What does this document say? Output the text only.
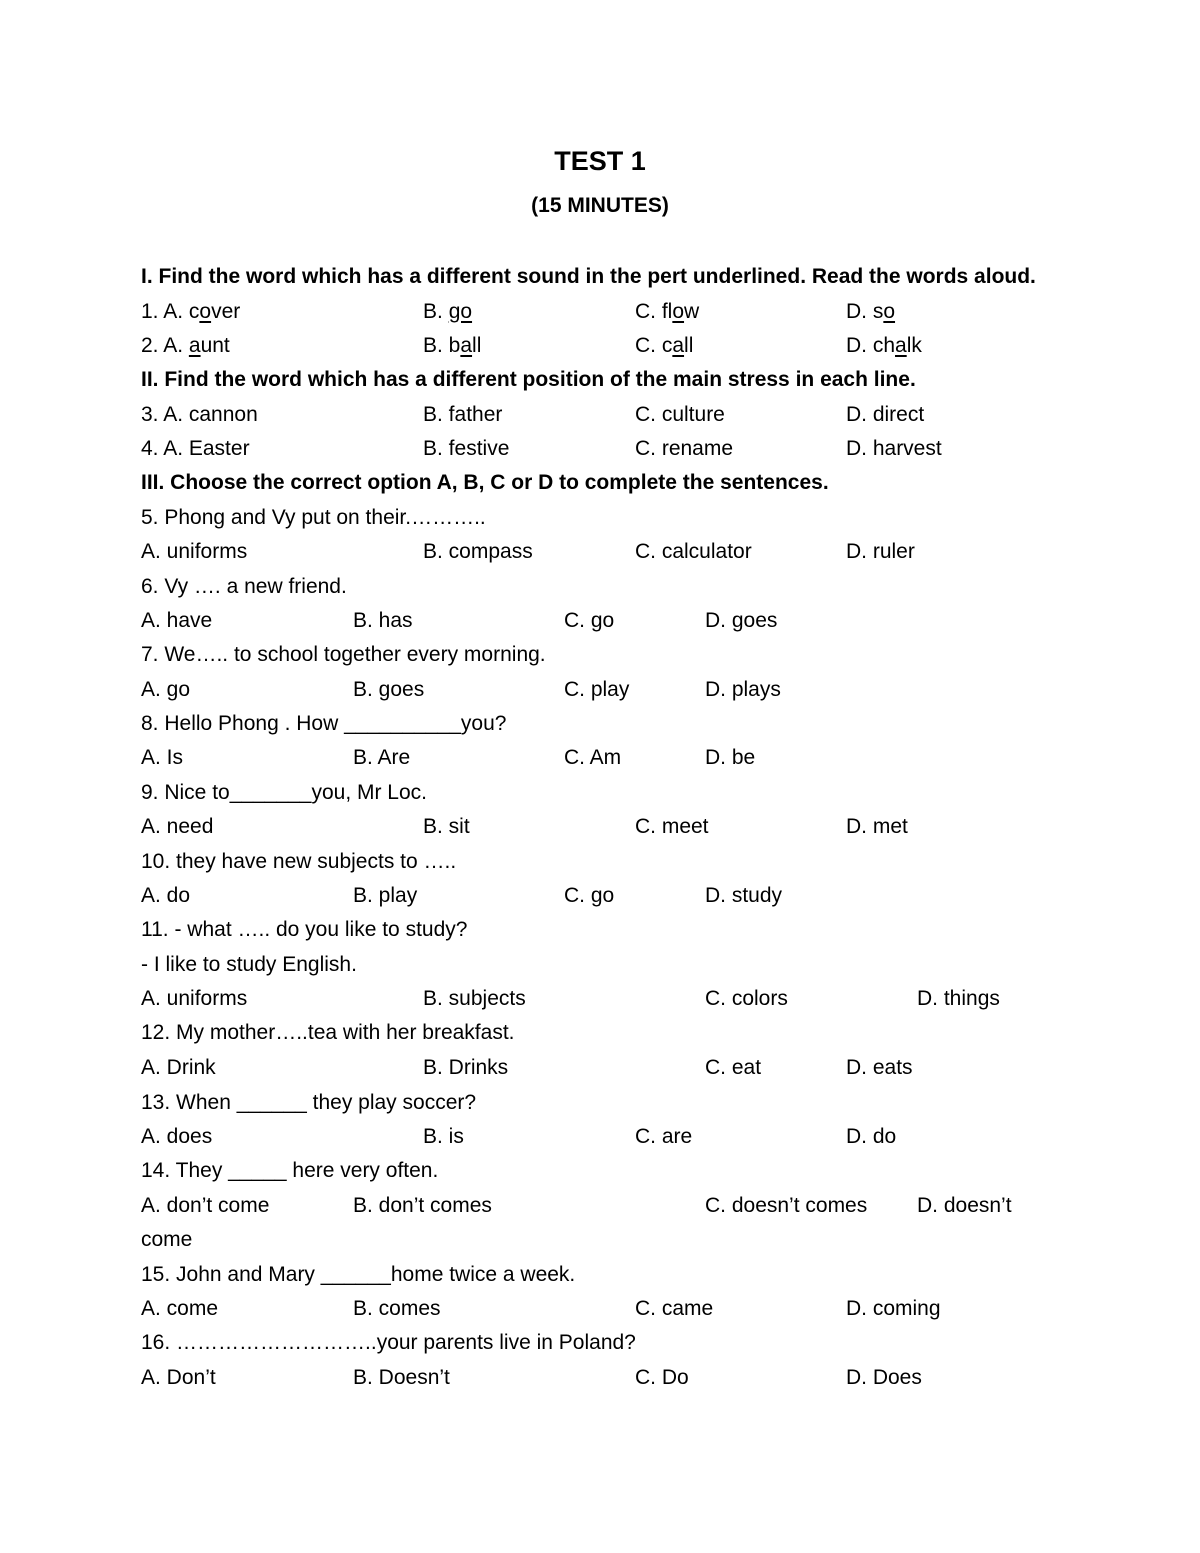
TEST 1
(15 MINUTES)
I. Find the word which has a different sound in the pert underlined. Read the words aloud.
1. A. cover	B. go	C. flow	D. so
2. A. aunt	B. ball	C. call	D. chalk
II. Find the word which has a different position of the main stress in each line.
3. A. cannon	B. father	C. culture	D. direct
4. A. Easter	B. festive	C. rename	D. harvest
III. Choose the correct option A, B, C or D to complete the sentences.
5. Phong and Vy put on their.………..
A. uniforms	B. compass	C. calculator	D. ruler
6. Vy …. a new friend.
A. have	B. has	C. go	D. goes
7. We….. to school together every morning.
A. go	B. goes	C. play	D. plays
8. Hello Phong . How __________you?
A. Is	B. Are	C. Am	D. be
9. Nice to_______you, Mr Loc.
A. need	B. sit	C. meet	D. met
10. they have new subjects to …..
A. do	B. play	C. go	D. study
11. - what ….. do you like to study?
- I like to study English.
A. uniforms	B. subjects	C. colors	D. things
12. My mother…..tea with her breakfast.
A. Drink	B. Drinks	C. eat	D. eats
13. When ______ they play soccer?
A. does	B. is	C. are	D. do
14. They _____ here very often.
A. don’t come	B. don’t comes	C. doesn’t comes D. doesn’t
come
15. John and Mary ______home twice a week.
A. come	B. comes	C. came	D. coming
16. ………………………..your parents live in Poland?
A. Don’t	B. Doesn’t	C. Do	D. Does
